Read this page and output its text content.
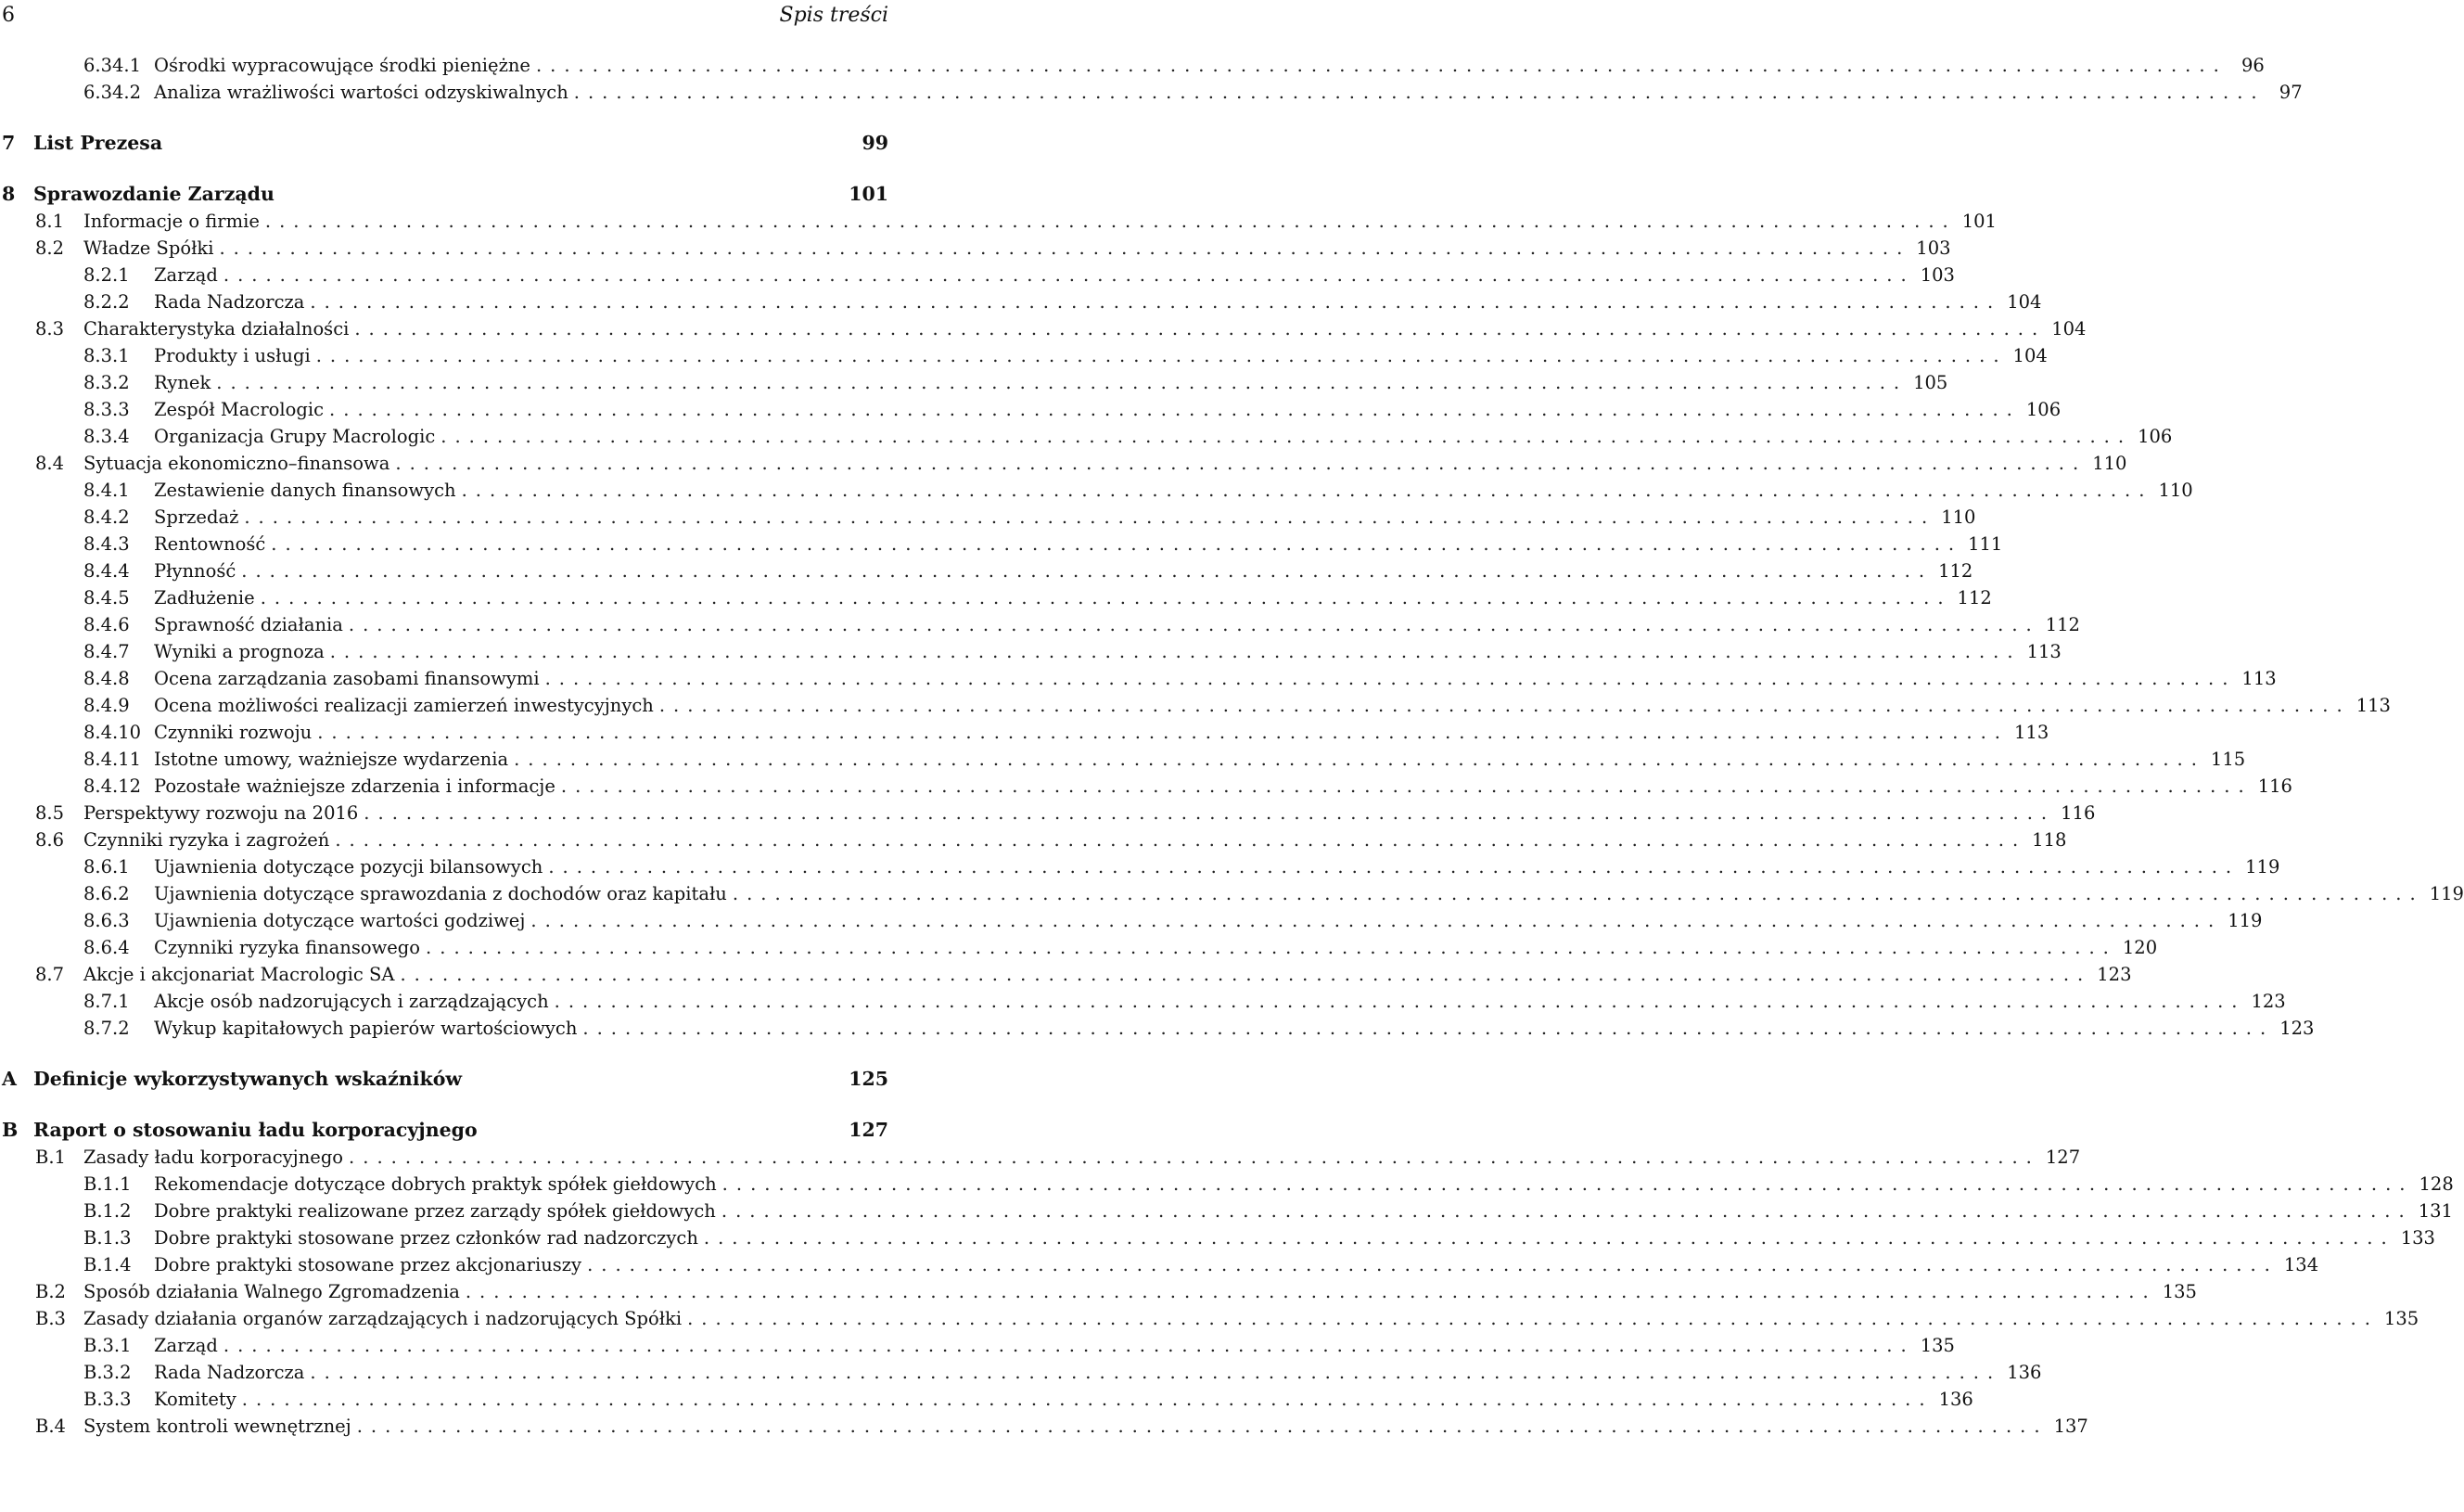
6	Spis treści
6.34.1 Ośrodki wypracowujące środki pieniężne ........................................................................................................................ 96
6.34.2 Analiza wrażliwości wartości odzyskiwalnych ........................................................................................................................ 97
7 List Prezesa	99
8 Sprawozdanie Zarządu	101
8.1	Informacje o firmie ........................................................................................................................ 101
8.2	Władze Spółki ........................................................................................................................ 103
8.2.1	Zarząd ........................................................................................................................ 103
8.2.2	Rada Nadzorcza ........................................................................................................................ 104
8.3	Charakterystyka działalności ........................................................................................................................ 104
8.3.1	Produkty i usługi ........................................................................................................................ 104
8.3.2	Rynek ........................................................................................................................ 105
8.3.3	Zespół Macrologic ........................................................................................................................ 106
8.3.4	Organizacja Grupy Macrologic ........................................................................................................................ 106
8.4	Sytuacja ekonomiczno–finansowa ........................................................................................................................ 110
8.4.1	Zestawienie danych finansowych ........................................................................................................................ 110
8.4.2	Sprzedaż ........................................................................................................................ 110
8.4.3	Rentowność ........................................................................................................................ 111
8.4.4	Płynność ........................................................................................................................ 112
8.4.5	Zadłużenie ........................................................................................................................ 112
8.4.6	Sprawność działania ........................................................................................................................ 112
8.4.7	Wyniki a prognoza ........................................................................................................................ 113
8.4.8	Ocena zarządzania zasobami finansowymi ........................................................................................................................ 113
8.4.9	Ocena możliwości realizacji zamierzeń inwestycyjnych ........................................................................................................................ 113
8.4.10 Czynniki rozwoju ........................................................................................................................ 113
8.4.11 Istotne umowy, ważniejsze wydarzenia ........................................................................................................................ 115
8.4.12 Pozostałe ważniejsze zdarzenia i informacje ........................................................................................................................ 116
8.5	Perspektywy rozwoju na 2016 ........................................................................................................................ 116
8.6	Czynniki ryzyka i zagrożeń ........................................................................................................................ 118
8.6.1	Ujawnienia dotyczące pozycji bilansowych ........................................................................................................................ 119
8.6.2	Ujawnienia dotyczące sprawozdania z dochodów oraz kapitału ........................................................................................................................ 119
8.6.3	Ujawnienia dotyczące wartości godziwej ........................................................................................................................ 119
8.6.4	Czynniki ryzyka finansowego ........................................................................................................................ 120
8.7	Akcje i akcjonariat Macrologic SA ........................................................................................................................ 123
8.7.1	Akcje osób nadzorujących i zarządzających ........................................................................................................................ 123
8.7.2	Wykup kapitałowych papierów wartościowych ........................................................................................................................ 123
A Definicje wykorzystywanych wskaźników	125
B Raport o stosowaniu ładu korporacyjnego	127
B.1 Zasady ładu korporacyjnego ........................................................................................................................ 127
B.1.1	Rekomendacje dotyczące dobrych praktyk spółek giełdowych ........................................................................................................................ 128
B.1.2	Dobre praktyki realizowane przez zarządy spółek giełdowych ........................................................................................................................ 131
B.1.3	Dobre praktyki stosowane przez członków rad nadzorczych ........................................................................................................................ 133
B.1.4	Dobre praktyki stosowane przez akcjonariuszy ........................................................................................................................ 134
B.2 Sposób działania Walnego Zgromadzenia ........................................................................................................................ 135
B.3 Zasady działania organów zarządzających i nadzorujących Spółki ........................................................................................................................ 135
B.3.1	Zarząd ........................................................................................................................ 135
B.3.2	Rada Nadzorcza ........................................................................................................................ 136
B.3.3	Komitety ........................................................................................................................ 136
B.4 System kontroli wewnętrznej ........................................................................................................................ 137
